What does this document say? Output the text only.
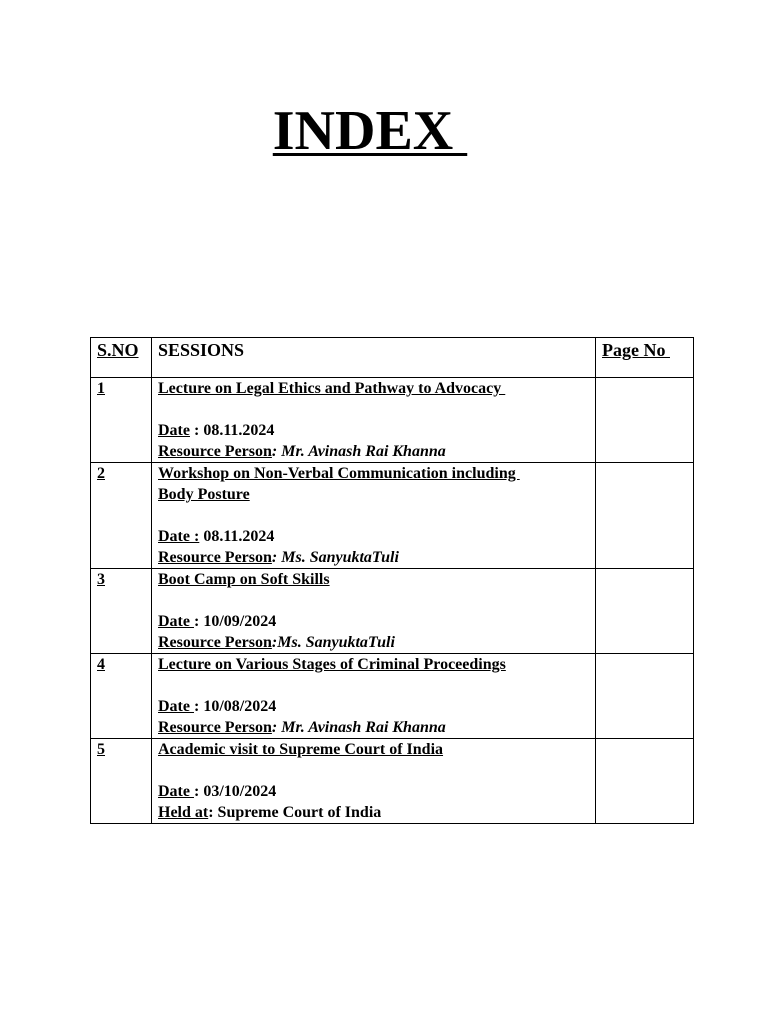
INDEX
S.NO	SESSIONS	Page No
1	Lecture on Legal Ethics and Pathway to Advocacy
Date : 08.11.2024
Resource Person: Mr. Avinash Rai Khanna	

2	Workshop on Non-Verbal Communication including
Body Posture
Date : 08.11.2024
Resource Person: Ms. SanyuktaTuli	

3	Boot Camp on Soft Skills
Date : 10/09/2024
Resource Person:Ms. SanyuktaTuli	

4	Lecture on Various Stages of Criminal Proceedings
Date : 10/08/2024
Resource Person: Mr. Avinash Rai Khanna	

5	Academic visit to Supreme Court of India
Date : 03/10/2024
Held at: Supreme Court of India	
